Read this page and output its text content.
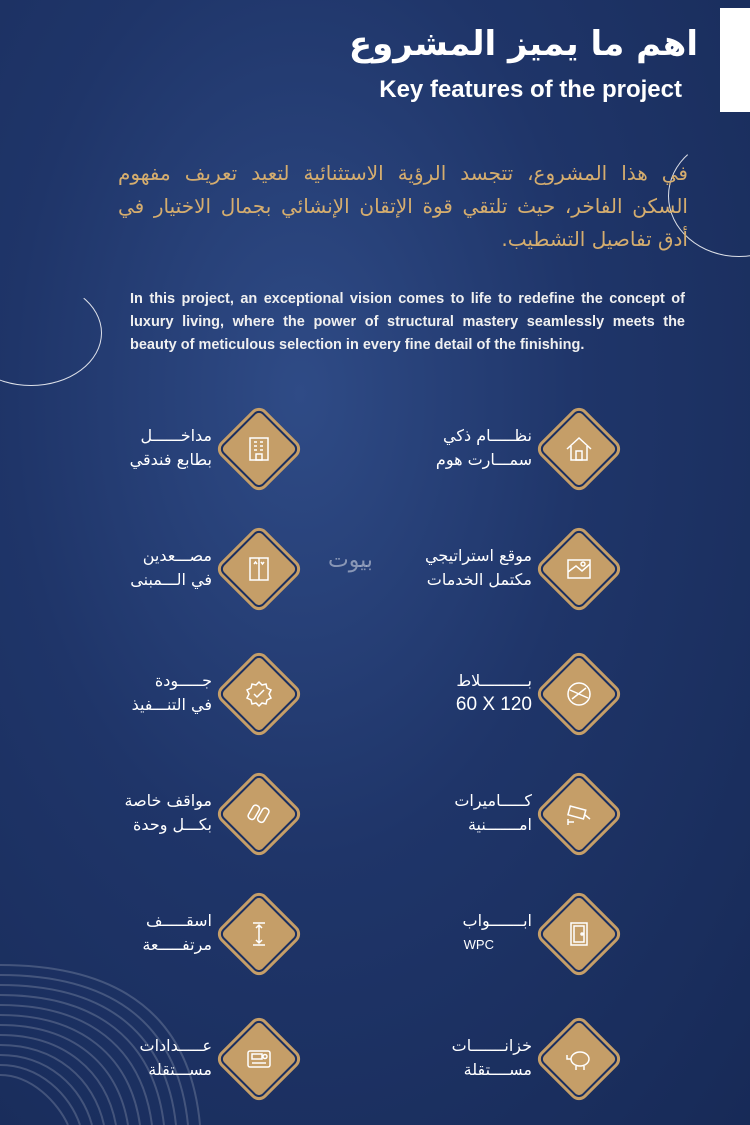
اهم ما يميز المشروع
Key features of the project
في هذا المشروع، تتجسد الرؤية الاستثنائية لتعيد تعريف مفهوم السكن الفاخر، حيث تلتقي قوة الإتقان الإنشائي بجمال الاختيار في أدق تفاصيل التشطيب.
In this project, an exceptional vision comes to life to redefine the concept of luxury living, where the power of structural mastery seamlessly meets the beauty of meticulous selection in every fine detail of the finishing.
بيوت
نظـــــام ذكي
سمـــارت هوم
مداخــــــل
بطابع فندقي
موقع استراتيجي
مكتمل الخدمات
مصـــعدين
في الـــمبنى
بــــــــــلاط
60 X 120
جـــــودة
في التنـــفيذ
كـــــاميرات
امـــــــنية
مواقف خاصة
بكـــل وحدة
ابـــــــواب
WPC
اسقـــــف
مرتفـــــعة
خزانـــــــات
مســــتقلة
عـــــدادات
مســـتقلة
